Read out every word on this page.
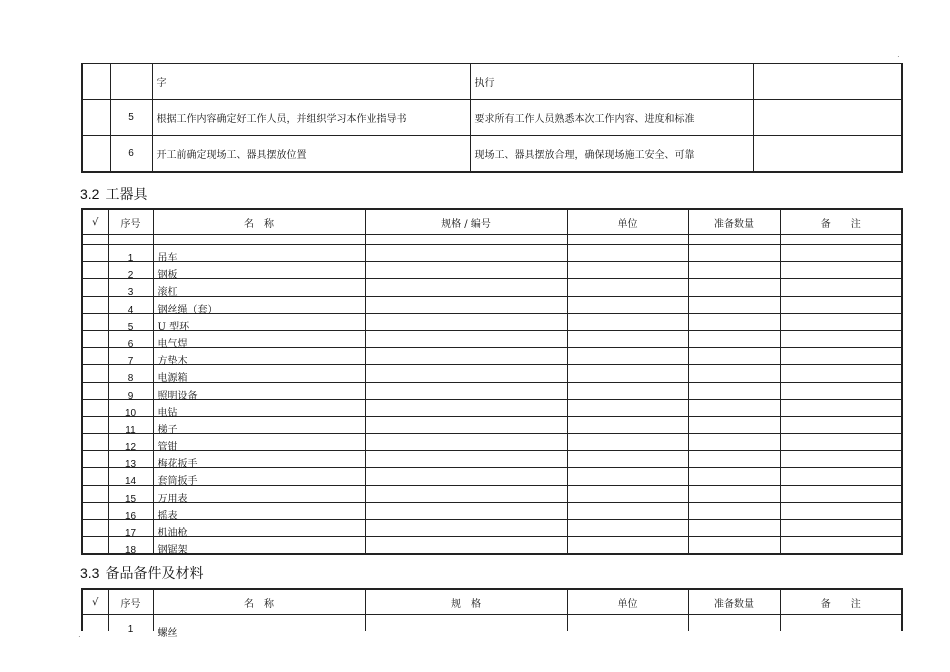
·
		字	执行	
	5	根据工作内容确定好工作人员，并组织学习本作业指导书	要求所有工作人员熟悉本次工作内容、进度和标准	
	6	开工前确定现场工、器具摆放位置	现场工、器具摆放合理，确保现场施工安全、可靠	
3.2 工器具
√	序号	名　称	规格 / 编号	单位	准备数量	备　　注

	1	吊车				
	2	钢板				
	3	滚杠				
	4	钢丝绳（套）				
	5	U 型环				
	6	电气焊				
	7	方垫木				
	8	电源箱				
	9	照明设备				
	10	电钻				
	11	梯子				
	12	管钳				
	13	梅花扳手				
	14	套筒扳手				
	15	万用表				
	16	摇表				
	17	机油枪				
	18	钢锯架				
3.3 备品备件及材料
√	序号	名　称	规　格	单位	准备数量	备　　注
	1	螺丝				
·
